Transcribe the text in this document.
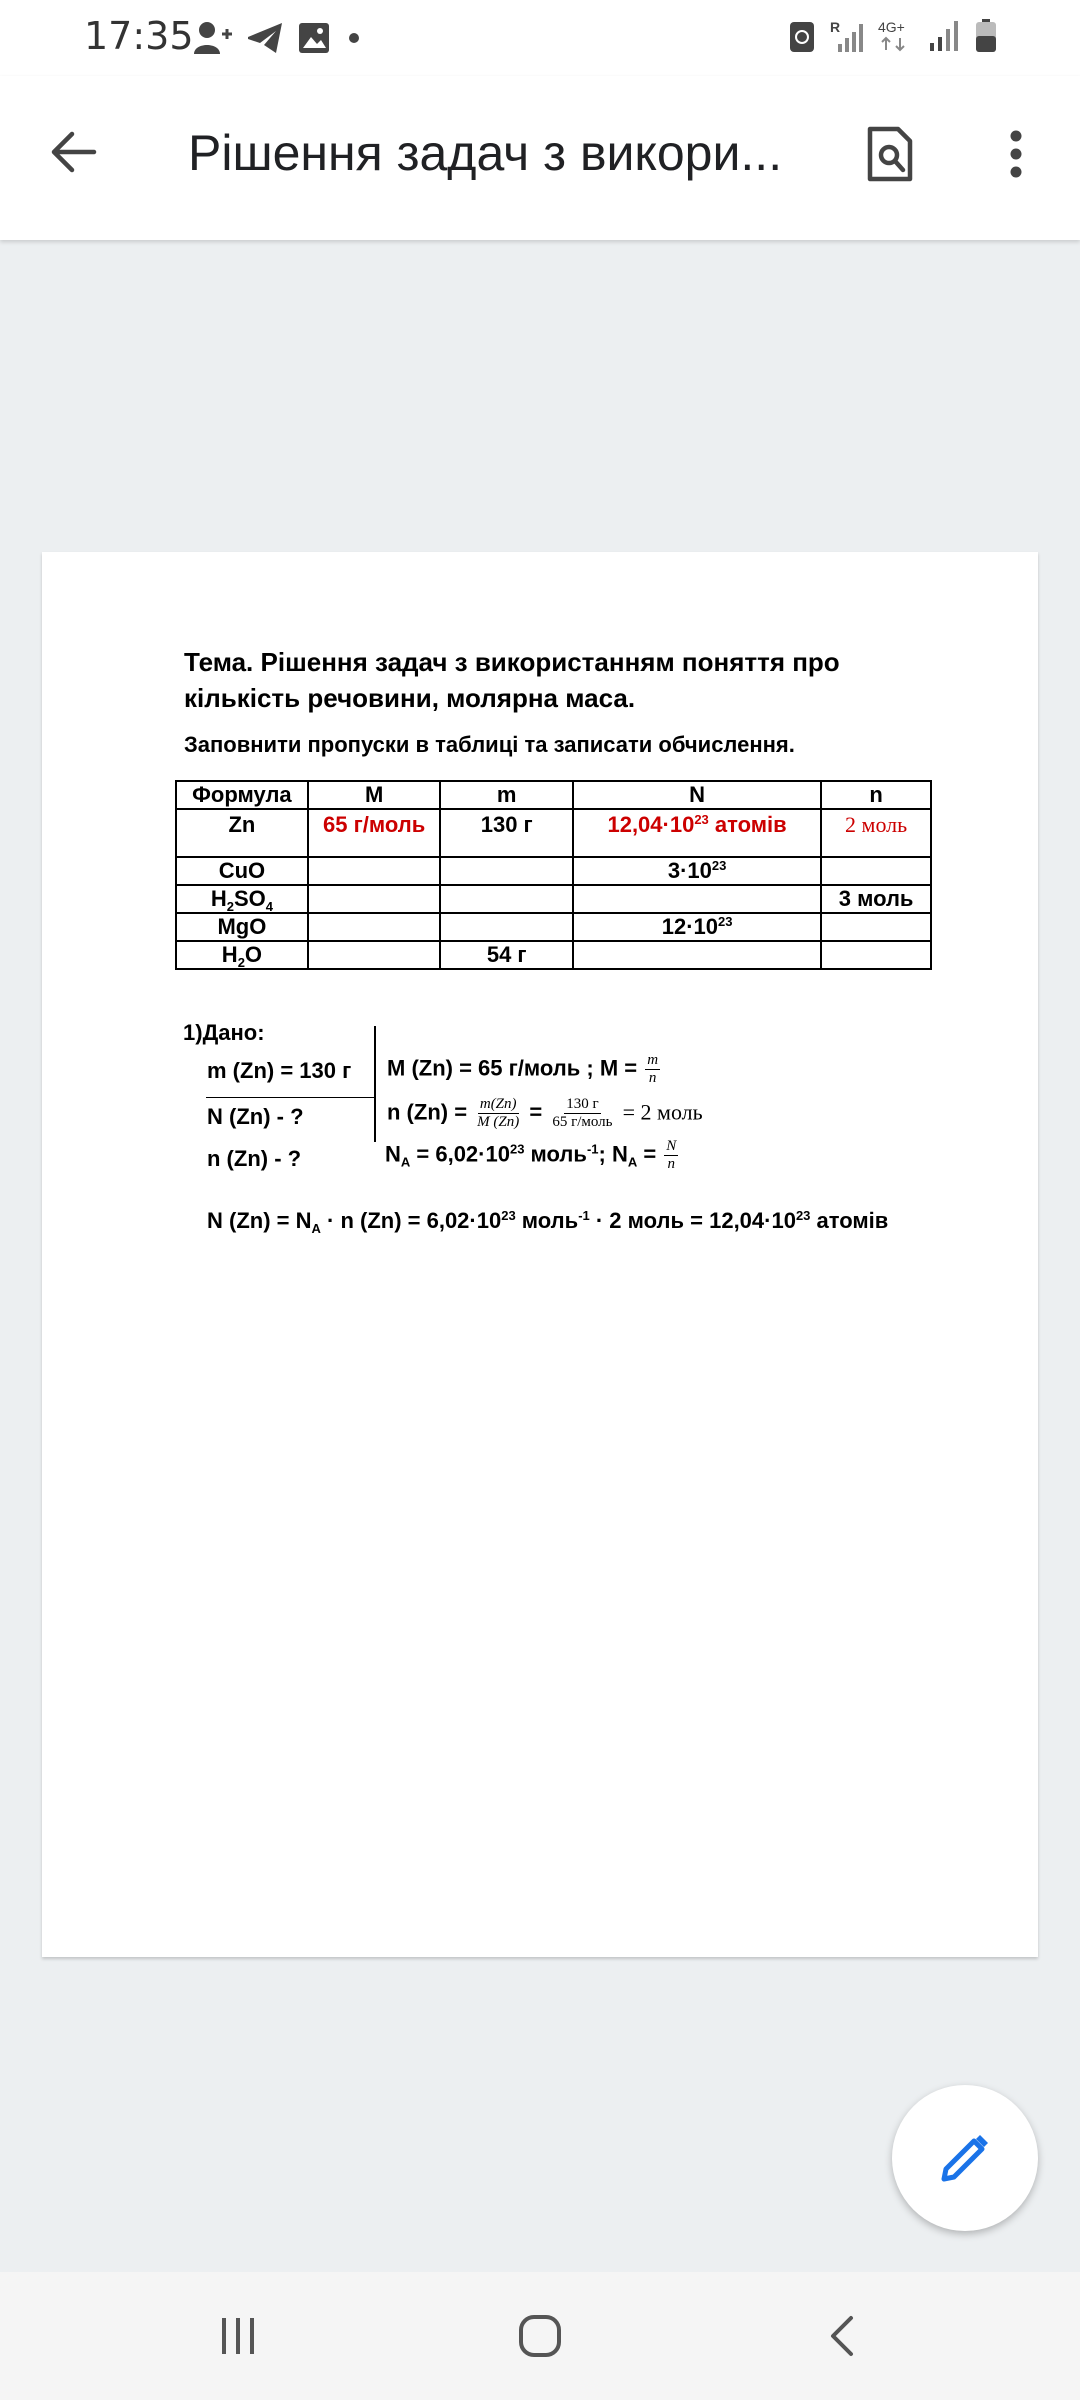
17:35	R	4G+
Рішення задач з викори...
Тема. Рішення задач з використанням поняття про кількість речовини, молярна маса.
Заповнити пропуски в таблиці та записати обчислення.
Формула	M	m	N	n
Zn	65 г/моль	130 г	$12,04\cdot 10^{23}$ атомів	2 моль
CuO			$3\cdot 10^{23}$	
$H_2SO_4$				3 моль
MgO			$12\cdot 10^{23}$	
$H_2O$		54 г		
1)Дано:
m (Zn) = 130 г
N (Zn) - ?
n (Zn) - ?
M (Zn) = 65 г/моль ; $M = \frac{m}{n}$
n $(Zn) = \frac{m(Zn)}{M (Zn)} = \frac{130 г}{\text{65 г/моль}} = 2$ моль
$N_A = 6,02\cdot 10^{23}$ моль$^{-1}$; $N_A = \frac{N}{n}$
N $(Zn) = N_A \cdot n$ $(Zn) = 6,02\cdot 10^{23}$ моль$^{-1}$ · 2 моль = $12,04\cdot 10^{23}$ атомів
